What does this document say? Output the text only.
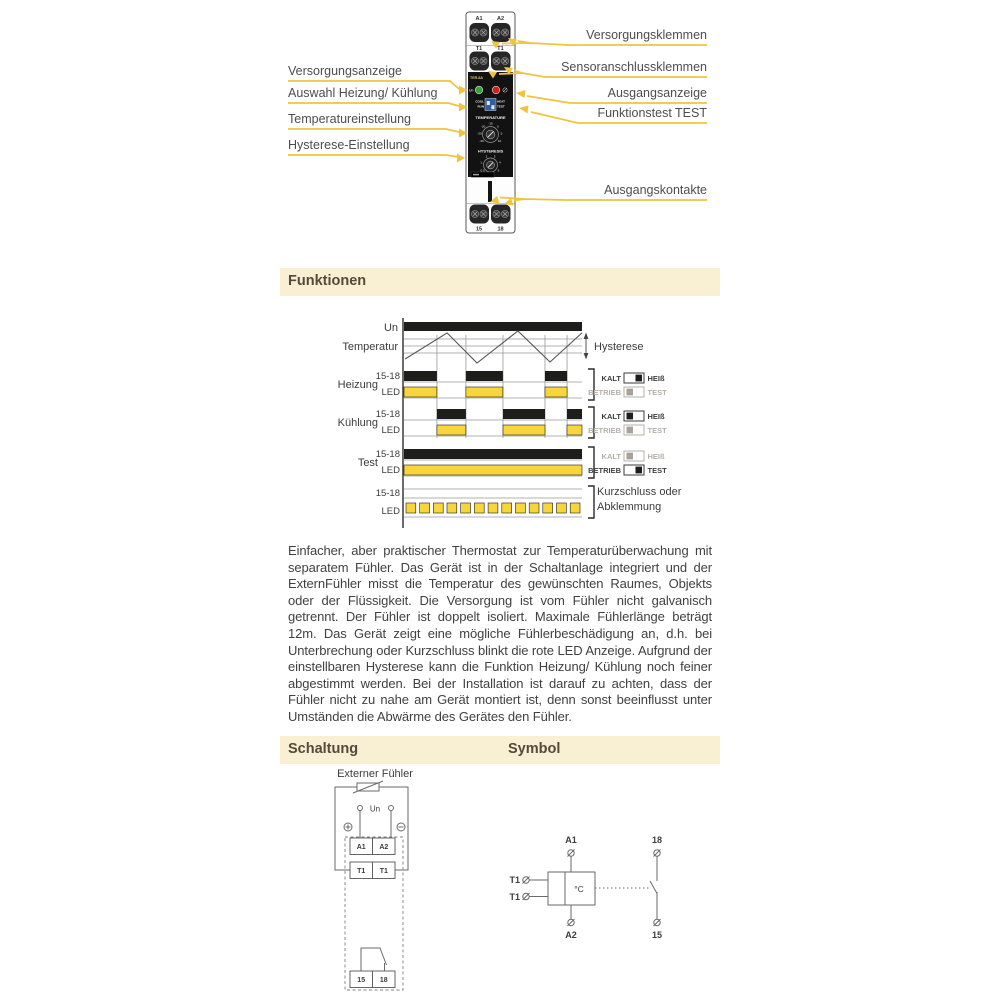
A1	A2
T1	T1
TER-8A
Un
COOL
RUN
HEAT
TEST
TEMPERATURE
HYSTERESIS
15	18
-30
-25
-20
-15
0
5
10
0.5
1
2 3
4
5
Versorgungsanzeige
Auswahl Heizung/ Kühlung
Temperatureinstellung
Hysterese-Einstellung
Versorgungsklemmen
Sensoranschlussklemmen
Ausgangsanzeige
Funktionstest TEST
Ausgangskontakte
Funktionen
Un
Temperatur	Hysterese
Heizung
15-18
LED
KALT	HEIß
BETRIEB	TEST
Kühlung
15-18
LED
KALT	HEIß
BETRIEB	TEST
Test
15-18
LED
KALT	HEIß
BETRIEB	TEST
15-18
LED
Kurzschluss oder
Abklemmung
Einfacher, aber praktischer Thermostat zur Temperaturüberwachung mit separatem Fühler. Das Gerät ist in der Schaltanlage integriert und der ExternFühler misst die Temperatur des gewünschten Raumes, Objekts oder der Flüssigkeit. Die Versorgung ist vom Fühler nicht galvanisch getrennt. Der Fühler ist doppelt isoliert. Maximale Fühlerlänge beträgt 12m. Das Gerät zeigt eine mögliche Fühlerbeschädigung an, d.h. bei Unterbrechung oder Kurzschluss blinkt die rote LED Anzeige. Aufgrund der einstellbaren Hysterese kann die Funktion Heizung/ Kühlung noch feiner abgestimmt werden. Bei der Installation ist darauf zu achten, dass der Fühler nicht zu nahe am Gerät montiert ist, denn sonst beeinflusst unter Umständen die Abwärme des Gerätes den Fühler.
Schaltung	Symbol
Externer Fühler
Un
A1 A2
T1 T1
15 18
A1
A2
T1
T1
18
15
°C
